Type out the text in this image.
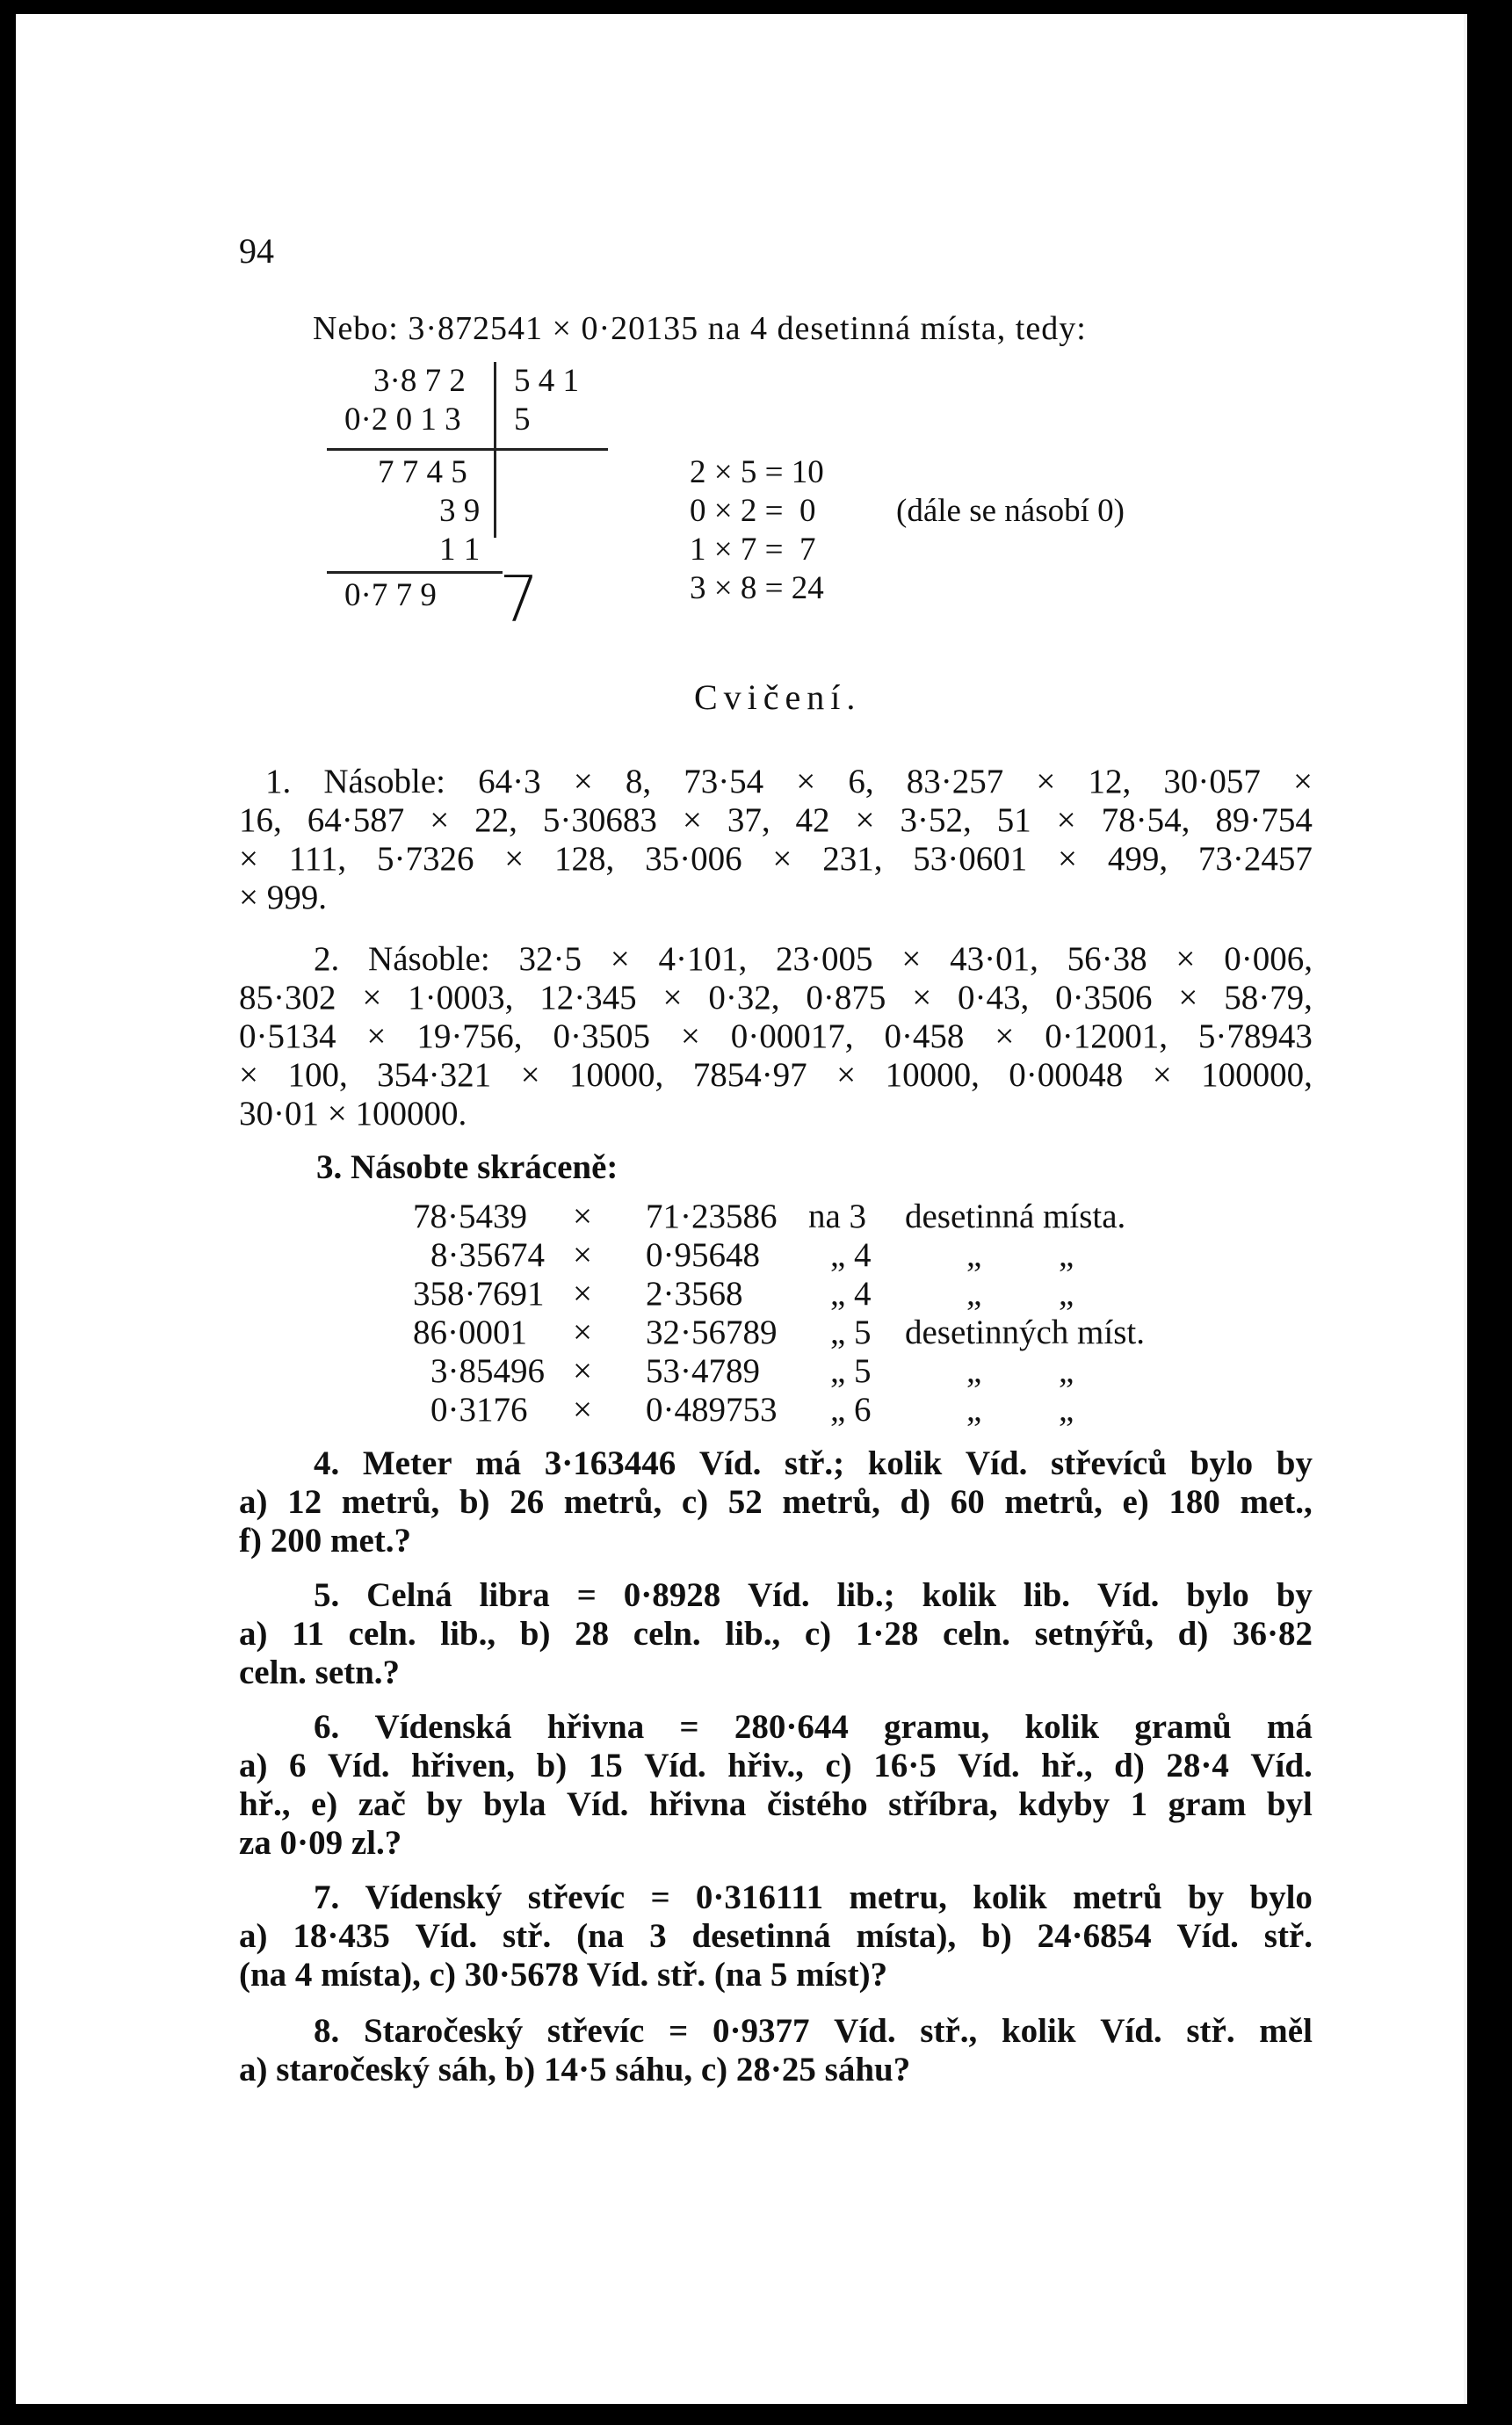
94
Nebo: 3·872541 × 0·20135 na 4 desetinná místa, tedy:
3·8 7 2 5 4 1
0·2 0 1 3 5
7 7 4 5
3 9
1 1
0·7 7 9 7
2 × 5 = 10
0 × 2 =  0
1 × 7 =  7
3 × 8 = 24
(dále se násobí 0)
Cvičení.
1. Násoble: 64·3 × 8, 73·54 × 6, 83·257 × 12, 30·057 ×
16, 64·587 × 22, 5·30683 × 37, 42 × 3·52, 51 × 78·54, 89·754
× 111, 5·7326 × 128, 35·006 × 231, 53·0601 × 499, 73·2457
× 999.
2. Násoble: 32·5 × 4·101, 23·005 × 43·01, 56·38 × 0·006,
85·302 × 1·0003, 12·345 × 0·32, 0·875 × 0·43, 0·3506 × 58·79,
0·5134 × 19·756, 0·3505 × 0·00017, 0·458 × 0·12001, 5·78943
× 100, 354·321 × 10000, 7854·97 × 10000, 0·00048 × 100000,
30·01 × 100000.
3. Násobte skráceně:
78·5439 × 71·23586 na 3 desetinná místa.
8·35674 × 0·95648 „ 4	„         „
358·7691 × 2·3568	„ 4	„         „
86·0001 × 32·56789 „ 5 desetinných míst.
3·85496 × 53·4789 „ 5	„         „
0·3176 × 0·489753 „ 6	„         „
4. Meter má 3·163446 Víd. stř.; kolik Víd. střevíců bylo by
a) 12 metrů, b) 26 metrů, c) 52 metrů, d) 60 metrů, e) 180 met.,
f) 200 met.?
5. Celná libra = 0·8928 Víd. lib.; kolik lib. Víd. bylo by
a) 11 celn. lib., b) 28 celn. lib., c) 1·28 celn. setnýřů, d) 36·82
celn. setn.?
6. Vídenská hřivna = 280·644 gramu, kolik gramů má
a) 6 Víd. hřiven, b) 15 Víd. hřiv., c) 16·5 Víd. hř., d) 28·4 Víd.
hř., e) zač by byla Víd. hřivna čistého stříbra, kdyby 1 gram byl
za 0·09 zl.?
7. Vídenský střevíc = 0·316111 metru, kolik metrů by bylo
a) 18·435 Víd. stř. (na 3 desetinná místa), b) 24·6854 Víd. stř.
(na 4 místa), c) 30·5678 Víd. stř. (na 5 míst)?
8. Staročeský střevíc = 0·9377 Víd. stř., kolik Víd. stř. měl
a) staročeský sáh, b) 14·5 sáhu, c) 28·25 sáhu?
